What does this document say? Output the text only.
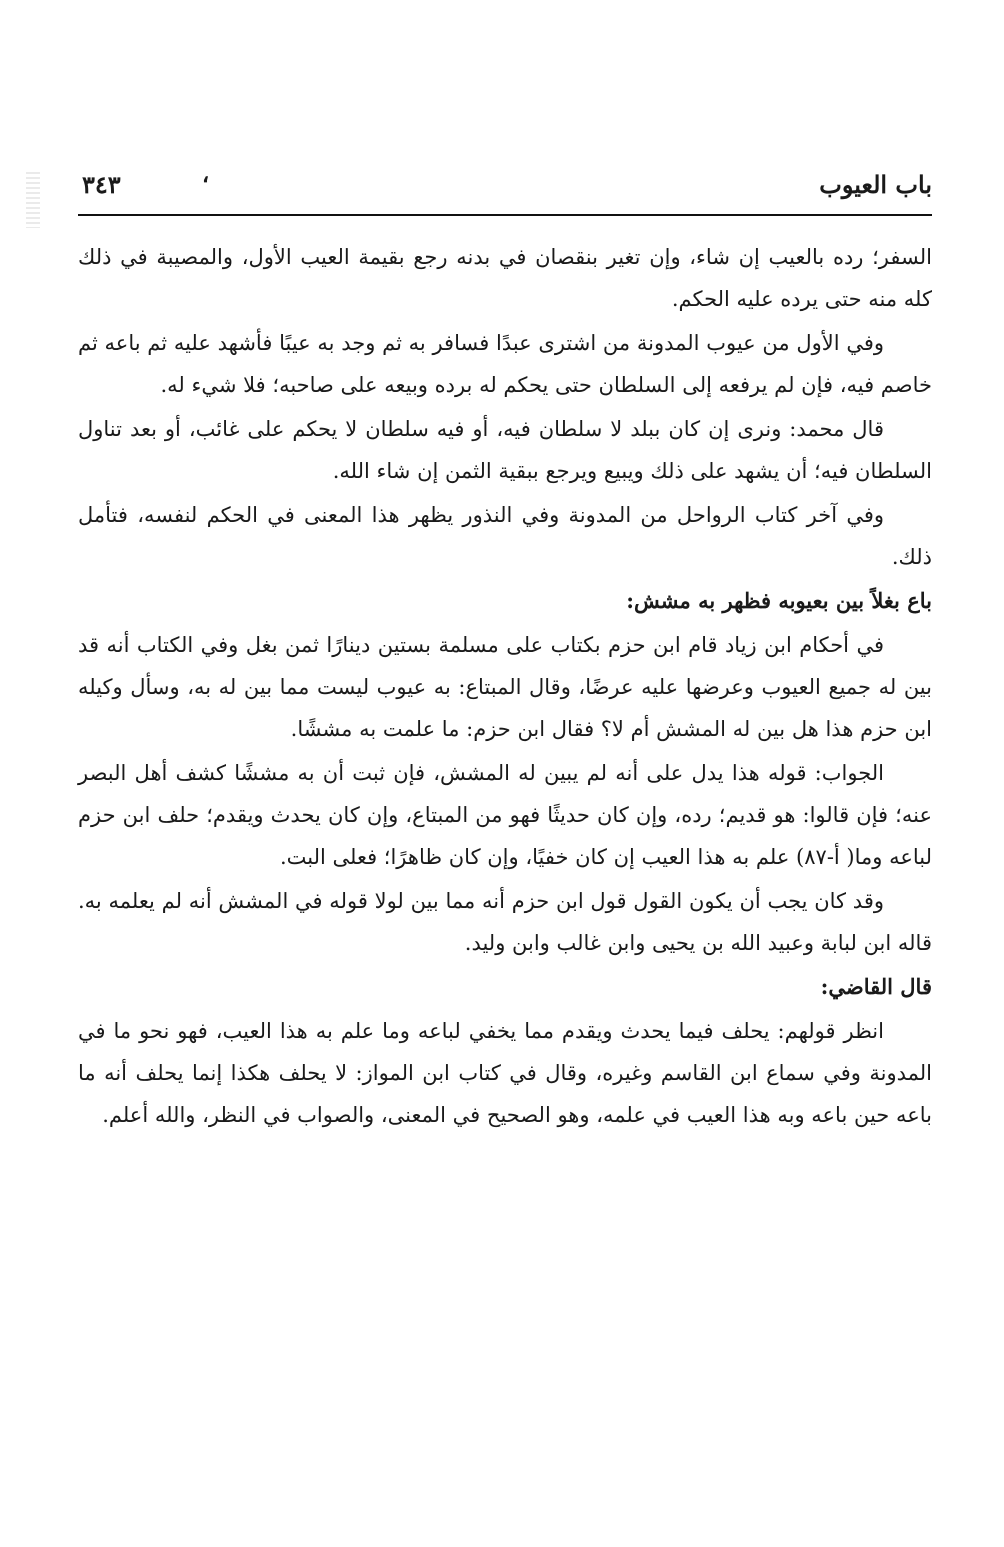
باب العيوب
،
٣٤٣

السفر؛ رده بالعيب إن شاء، وإن تغير بنقصان في بدنه رجع بقيمة العيب الأول، والمصيبة في ذلك كله منه حتى يرده عليه الحكم.

وفي الأول من عيوب المدونة من اشترى عبدًا فسافر به ثم وجد به عيبًا فأشهد عليه ثم باعه ثم خاصم فيه، فإن لم يرفعه إلى السلطان حتى يحكم له برده وبيعه على صاحبه؛ فلا شيء له.

قال محمد: ونرى إن كان ببلد لا سلطان فيه، أو فيه سلطان لا يحكم على غائب، أو بعد تناول السلطان فيه؛ أن يشهد على ذلك ويبيع ويرجع ببقية الثمن إن شاء الله.

وفي آخر كتاب الرواحل من المدونة وفي النذور يظهر هذا المعنى في الحكم لنفسه، فتأمل ذلك.

باع بغلاً بين بعيوبه فظهر به مشش:

في أحكام ابن زياد قام ابن حزم بكتاب على مسلمة بستين دينارًا ثمن بغل وفي الكتاب أنه قد بين له جميع العيوب وعرضها عليه عرضًا، وقال المبتاع: به عيوب ليست مما بين له به، وسأل وكيله ابن حزم هذا هل بين له المشش أم لا؟ فقال ابن حزم: ما علمت به مششًا.

الجواب: قوله هذا يدل على أنه لم يبين له المشش، فإن ثبت أن به مششًا كشف أهل البصر عنه؛ فإن قالوا: هو قديم؛ رده، وإن كان حديثًا فهو من المبتاع، وإن كان يحدث ويقدم؛ حلف ابن حزم لباعه وما( أ-٨٧) علم به هذا العيب إن كان خفيًا، وإن كان ظاهرًا؛ فعلى البت.

وقد كان يجب أن يكون القول قول ابن حزم أنه مما بين لولا قوله في المشش أنه لم يعلمه به. قاله ابن لبابة وعبيد الله بن يحيى وابن غالب وابن وليد.

قال القاضي:

انظر قولهم: يحلف فيما يحدث ويقدم مما يخفي لباعه وما علم به هذا العيب، فهو نحو ما في المدونة وفي سماع ابن القاسم وغيره، وقال في كتاب ابن المواز: لا يحلف هكذا إنما يحلف أنه ما باعه حين باعه وبه هذا العيب في علمه، وهو الصحيح في المعنى، والصواب في النظر، والله أعلم.
